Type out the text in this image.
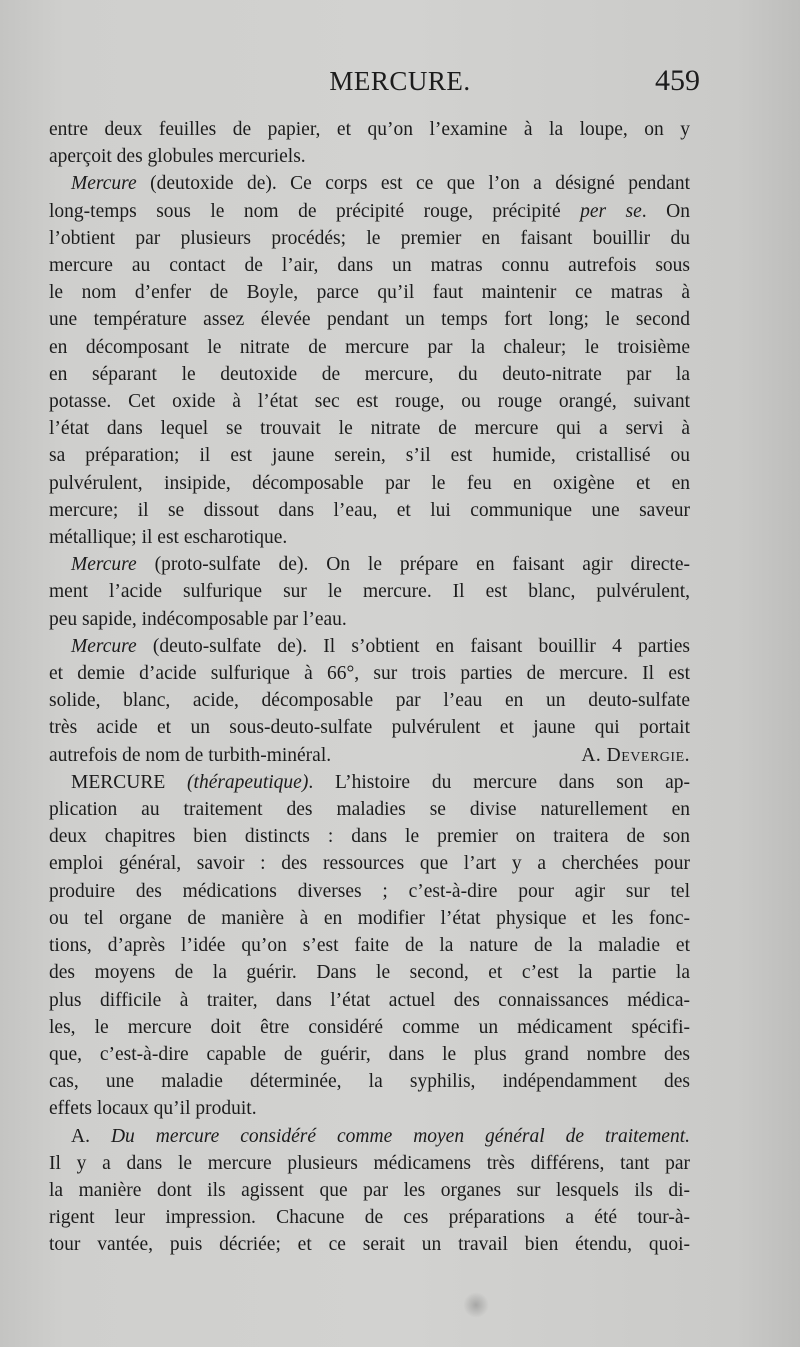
MERCURE.	459

entre deux feuilles de papier, et qu’on l’examine à la loupe, on y

aperçoit des globules mercuriels.

Mercure (deutoxide de). Ce corps est ce que l’on a désigné pendant

long-temps sous le nom de précipité rouge, précipité per se. On

l’obtient par plusieurs procédés; le premier en faisant bouillir du

mercure au contact de l’air, dans un matras connu autrefois sous

le nom d’enfer de Boyle, parce qu’il faut maintenir ce matras à

une température assez élevée pendant un temps fort long; le second

en décomposant le nitrate de mercure par la chaleur; le troisième

en séparant le deutoxide de mercure, du deuto-nitrate par la

potasse. Cet oxide à l’état sec est rouge, ou rouge orangé, suivant

l’état dans lequel se trouvait le nitrate de mercure qui a servi à

sa préparation; il est jaune serein, s’il est humide, cristallisé ou

pulvérulent, insipide, décomposable par le feu en oxigène et en

mercure; il se dissout dans l’eau, et lui communique une saveur

métallique; il est escharotique.

Mercure (proto-sulfate de). On le prépare en faisant agir directe-

ment l’acide sulfurique sur le mercure. Il est blanc, pulvérulent,

peu sapide, indécomposable par l’eau.

Mercure (deuto-sulfate de). Il s’obtient en faisant bouillir 4 parties

et demie d’acide sulfurique à 66°, sur trois parties de mercure. Il est

solide, blanc, acide, décomposable par l’eau en un deuto-sulfate

très acide et un sous-deuto-sulfate pulvérulent et jaune qui portait

autrefois de nom de turbith-minéral.	A. Devergie.

MERCURE (thérapeutique). L’histoire du mercure dans son ap-

plication au traitement des maladies se divise naturellement en

deux chapitres bien distincts : dans le premier on traitera de son

emploi général, savoir : des ressources que l’art y a cherchées pour

produire des médications diverses ; c’est-à-dire pour agir sur tel

ou tel organe de manière à en modifier l’état physique et les fonc-

tions, d’après l’idée qu’on s’est faite de la nature de la maladie et

des moyens de la guérir. Dans le second, et c’est la partie la

plus difficile à traiter, dans l’état actuel des connaissances médica-

les, le mercure doit être considéré comme un médicament spécifi-

que, c’est-à-dire capable de guérir, dans le plus grand nombre des

cas, une maladie déterminée, la syphilis, indépendamment des

effets locaux qu’il produit.

A. Du mercure considéré comme moyen général de traitement.

Il y a dans le mercure plusieurs médicamens très différens, tant par

la manière dont ils agissent que par les organes sur lesquels ils di-

rigent leur impression. Chacune de ces préparations a été tour-à-

tour vantée, puis décriée; et ce serait un travail bien étendu, quoi-
